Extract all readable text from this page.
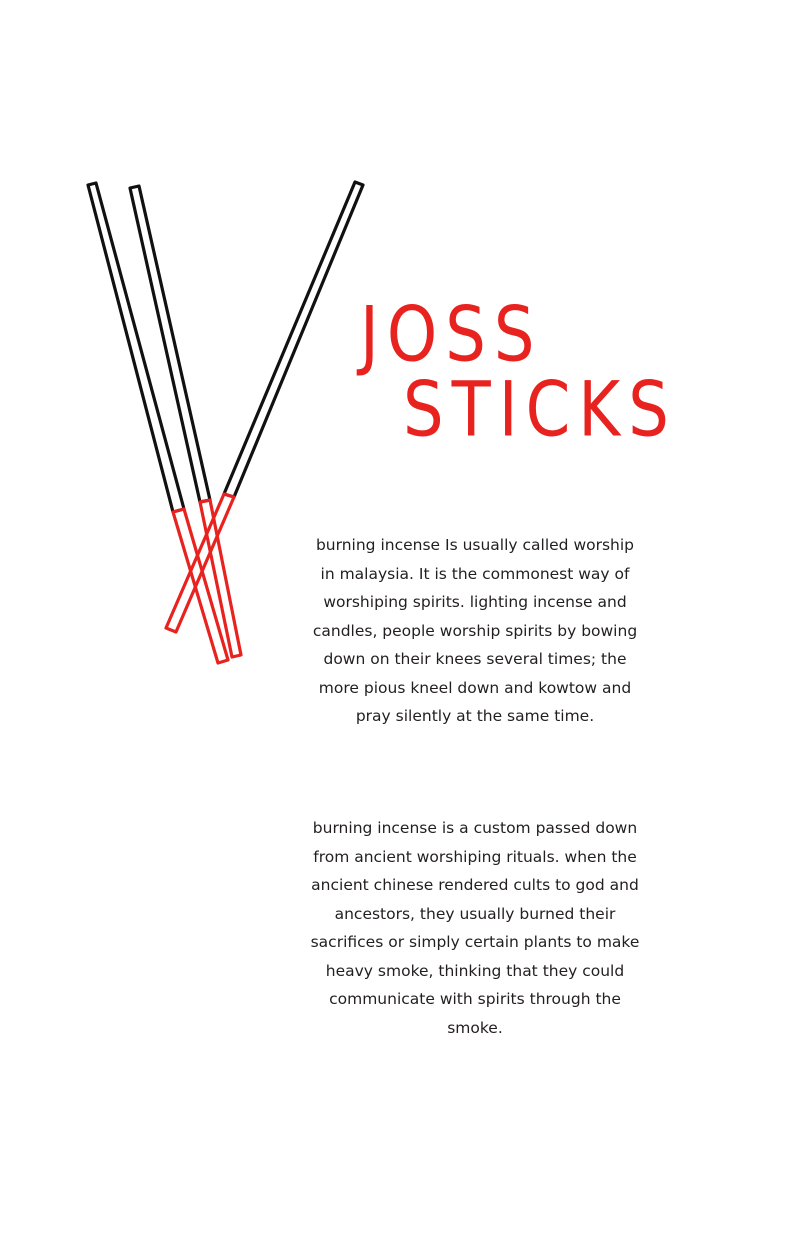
JOSS
STICKS

burning incense Is usually called worship in malaysia. It is the commonest way of worshiping spirits. lighting incense and candles, people worship spirits by bowing down on their knees several times; the more pious kneel down and kowtow and pray silently at the same time.

burning incense is a custom passed down from ancient worshiping rituals. when the ancient chinese rendered cults to god and ancestors, they usually burned their sacrifices or simply certain plants to make heavy smoke, thinking that they could communicate with spirits through the smoke.
